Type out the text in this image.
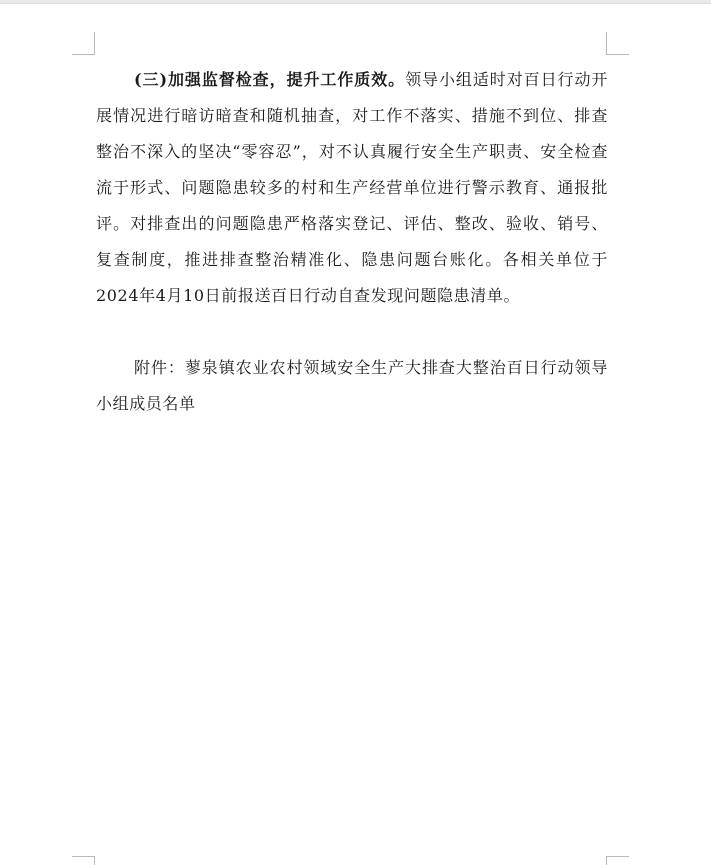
(三)加强监督检查，提升工作质效。领导小组适时对百日行动开展情况进行暗访暗查和随机抽查，对工作不落实、措施不到位、排查整治不深入的坚决“零容忍”，对不认真履行安全生产职责、安全检查流于形式、问题隐患较多的村和生产经营单位进行警示教育、通报批评。对排查出的问题隐患严格落实登记、评估、整改、验收、销号、复查制度，推进排查整治精准化、隐患问题台账化。各相关单位于2024年4月10日前报送百日行动自查发现问题隐患清单。

附件：蓼泉镇农业农村领域安全生产大排查大整治百日行动领导小组成员名单
